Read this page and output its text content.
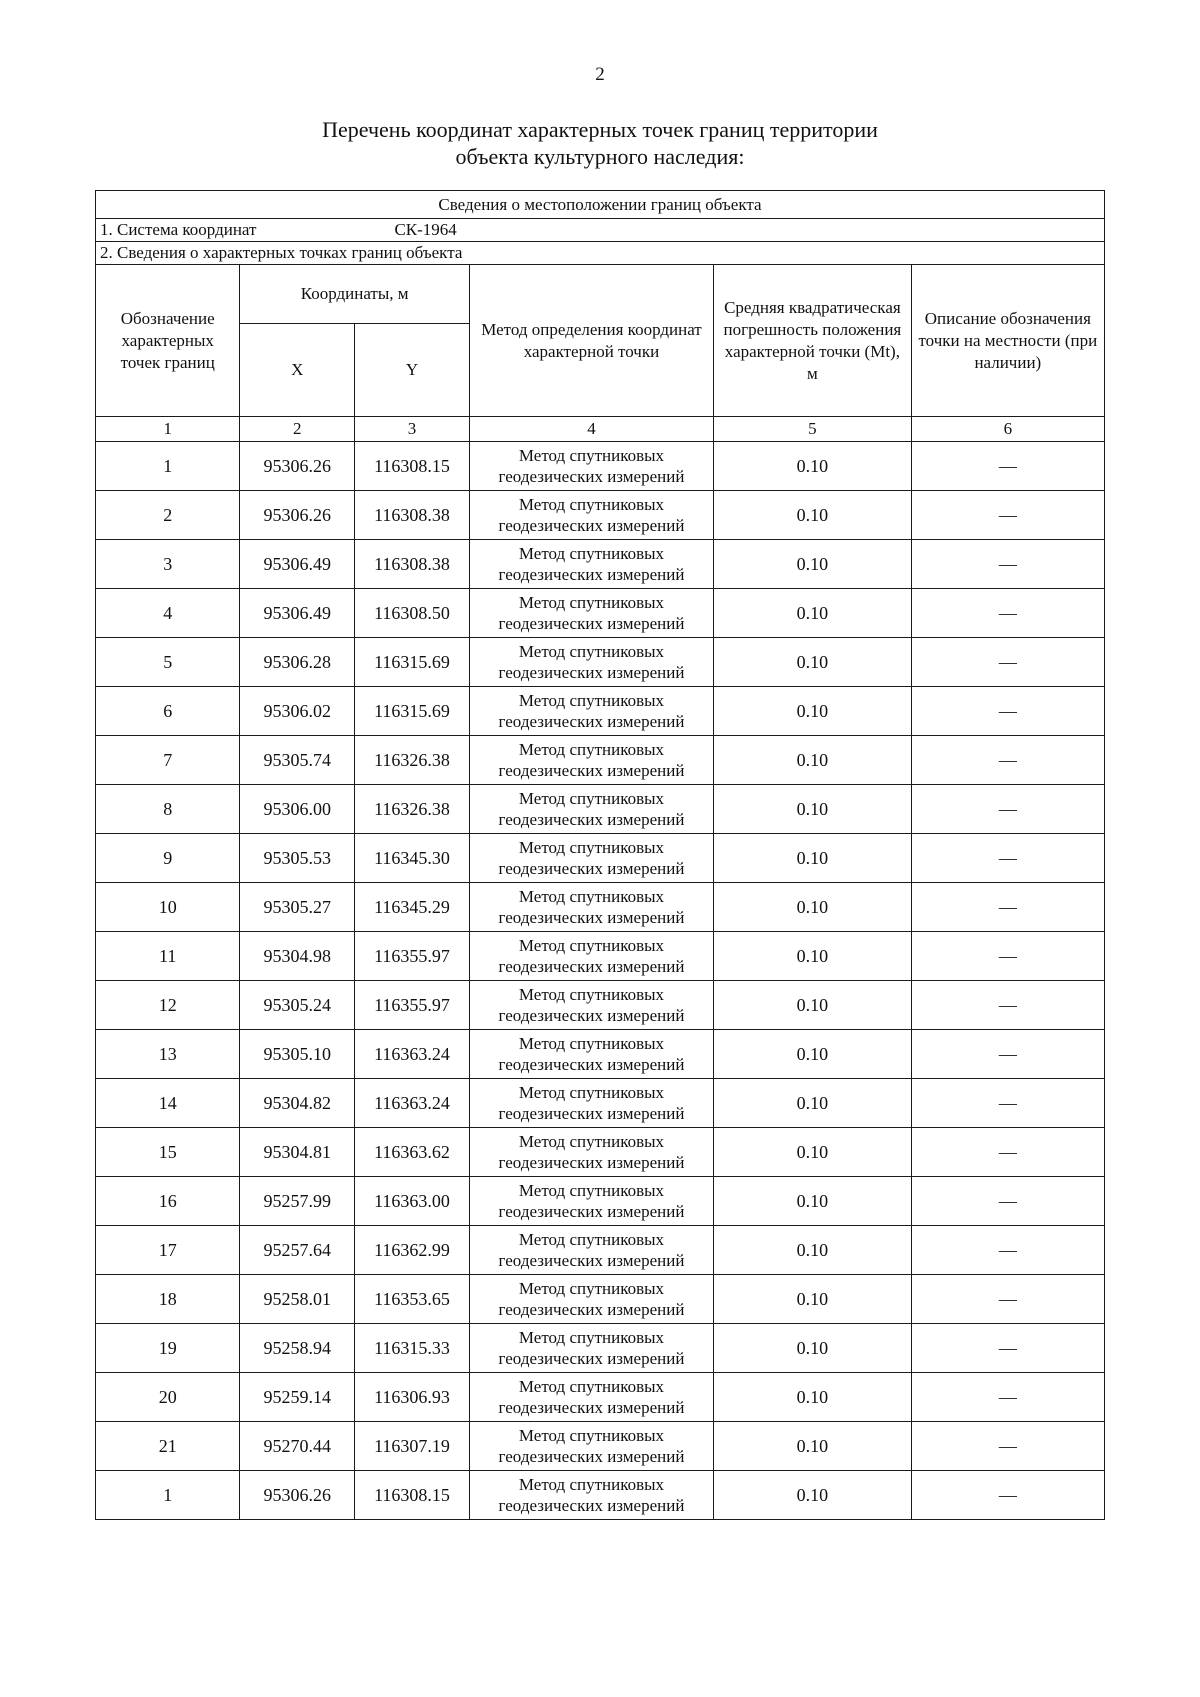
2
Перечень координат характерных точек границ территории
объекта культурного наследия:
Сведения о местоположении границ объекта					
1. Система координат СК-1964					
2. Сведения о характерных точках границ объекта					
Обозначение характерных точек границ	Координаты, м		Метод определения координат характерной точки	Средняя квадратическая погрешность положения характерной точки (Mt), м	Описание обозначения точки на местности (при наличии)
	X	Y			
1	2	3	4	5	6
1	95306.26	116308.15	Метод спутниковых геодезических измерений	0.10	—
2	95306.26	116308.38	Метод спутниковых геодезических измерений	0.10	—
3	95306.49	116308.38	Метод спутниковых геодезических измерений	0.10	—
4	95306.49	116308.50	Метод спутниковых геодезических измерений	0.10	—
5	95306.28	116315.69	Метод спутниковых геодезических измерений	0.10	—
6	95306.02	116315.69	Метод спутниковых геодезических измерений	0.10	—
7	95305.74	116326.38	Метод спутниковых геодезических измерений	0.10	—
8	95306.00	116326.38	Метод спутниковых геодезических измерений	0.10	—
9	95305.53	116345.30	Метод спутниковых геодезических измерений	0.10	—
10	95305.27	116345.29	Метод спутниковых геодезических измерений	0.10	—
11	95304.98	116355.97	Метод спутниковых геодезических измерений	0.10	—
12	95305.24	116355.97	Метод спутниковых геодезических измерений	0.10	—
13	95305.10	116363.24	Метод спутниковых геодезических измерений	0.10	—
14	95304.82	116363.24	Метод спутниковых геодезических измерений	0.10	—
15	95304.81	116363.62	Метод спутниковых геодезических измерений	0.10	—
16	95257.99	116363.00	Метод спутниковых геодезических измерений	0.10	—
17	95257.64	116362.99	Метод спутниковых геодезических измерений	0.10	—
18	95258.01	116353.65	Метод спутниковых геодезических измерений	0.10	—
19	95258.94	116315.33	Метод спутниковых геодезических измерений	0.10	—
20	95259.14	116306.93	Метод спутниковых геодезических измерений	0.10	—
21	95270.44	116307.19	Метод спутниковых геодезических измерений	0.10	—
1	95306.26	116308.15	Метод спутниковых геодезических измерений	0.10	—
